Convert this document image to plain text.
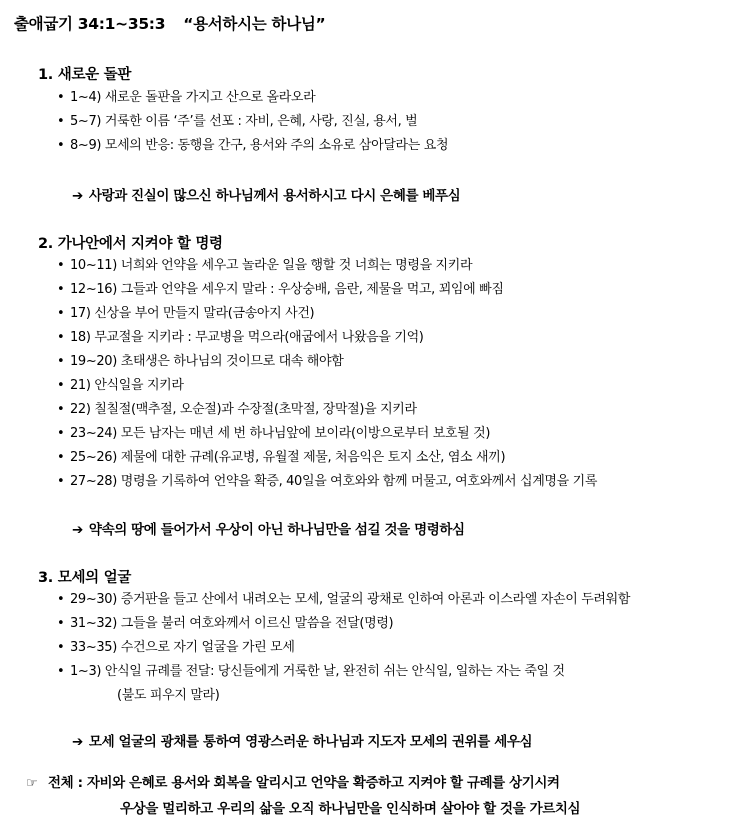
출애굽기 34:1~35:3 “용서하시는 하나님”
1. 새로운 돌판
• 1~4) 새로운 돌판을 가지고 산으로 올라오라
• 5~7) 거룩한 이름 ‘주’를 선포 : 자비, 은혜, 사랑, 진실, 용서, 벌
• 8~9) 모세의 반응: 동행을 간구, 용서와 주의 소유로 삼아달라는 요청
➔ 사랑과 진실이 많으신 하나님께서 용서하시고 다시 은혜를 베푸심
2. 가나안에서 지켜야 할 명령
• 10~11) 너희와 언약을 세우고 놀라운 일을 행할 것 너희는 명령을 지키라
• 12~16) 그들과 언약을 세우지 말라 : 우상숭배, 음란, 제물을 먹고, 꾀임에 빠짐
• 17) 신상을 부어 만들지 말라(금송아지 사건)
• 18) 무교절을 지키라 : 무교병을 먹으라(애굽에서 나왔음을 기억)
• 19~20) 초태생은 하나님의 것이므로 대속 해야함
• 21) 안식일을 지키라
• 22) 칠칠절(맥추절, 오순절)과 수장절(초막절, 장막절)을 지키라
• 23~24) 모든 남자는 매년 세 번 하나님앞에 보이라(이방으로부터 보호될 것)
• 25~26) 제물에 대한 규례(유교병, 유월절 제물, 처음익은 토지 소산, 염소 새끼)
• 27~28) 명령을 기록하여 언약을 확증, 40일을 여호와와 함께 머물고, 여호와께서 십계명을 기록
➔ 약속의 땅에 들어가서 우상이 아닌 하나님만을 섬길 것을 명령하심
3. 모세의 얼굴
• 29~30) 증거판을 들고 산에서 내려오는 모세, 얼굴의 광채로 인하여 아론과 이스라엘 자손이 두려워함
• 31~32) 그들을 불러 여호와께서 이르신 말씀을 전달(명령)
• 33~35) 수건으로 자기 얼굴을 가린 모세
• 1~3) 안식일 규례를 전달: 당신들에게 거룩한 날, 완전히 쉬는 안식일, 일하는 자는 죽일 것
(불도 피우지 말라)
➔ 모세 얼굴의 광채를 통하여 영광스러운 하나님과 지도자 모세의 권위를 세우심
☞ 전체 : 자비와 은혜로 용서와 회복을 알리시고 언약을 확증하고 지켜야 할 규례를 상기시켜
우상을 멀리하고 우리의 삶을 오직 하나님만을 인식하며 살아야 할 것을 가르치심
